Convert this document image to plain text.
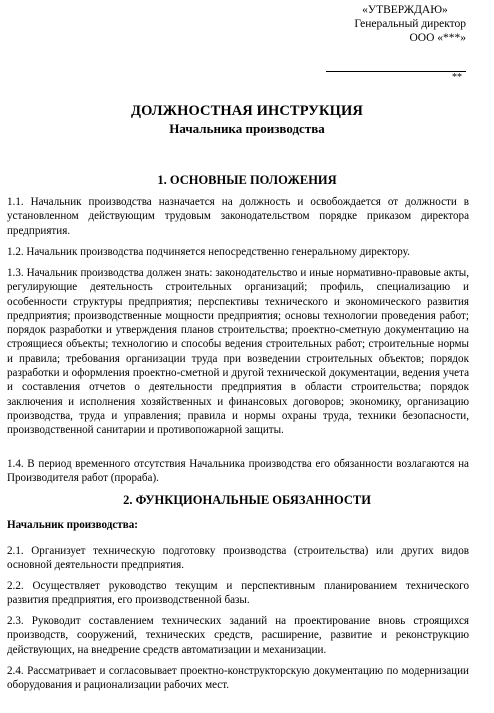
«УТВЕРЖДАЮ»
Генеральный директор
ООО «***»
**
ДОЛЖНОСТНАЯ ИНСТРУКЦИЯ
Начальника производства
1. ОСНОВНЫЕ ПОЛОЖЕНИЯ

1.1. Начальник производства назначается на должность и освобождается от должности в установленном действующим трудовым законодательством порядке приказом директора предприятия.

1.2. Начальник производства подчиняется непосредственно генеральному директору.

1.3. Начальник производства должен знать: законодательство и иные нормативно-правовые акты, регулирующие деятельность строительных организаций; профиль, специализацию и особенности структуры предприятия; перспективы технического и экономического развития предприятия; производственные мощности предприятия; основы технологии проведения работ; порядок разработки и утверждения планов строительства; проектно-сметную документацию на строящиеся объекты; технологию и способы ведения строительных работ; строительные нормы и правила; требования организации труда при возведении строительных объектов; порядок разработки и оформления проектно-сметной и другой технической документации, ведения учета и составления отчетов о деятельности предприятия в области строительства; порядок заключения и исполнения хозяйственных и финансовых договоров; экономику, организацию производства, труда и управления; правила и нормы охраны труда, техники безопасности, производственной санитарии и противопожарной защиты.

1.4. В период временного отсутствия Начальника производства его обязанности возлагаются на Производителя работ (прораба).

2. ФУНКЦИОНАЛЬНЫЕ ОБЯЗАННОСТИ

Начальник производства:

2.1. Организует техническую подготовку производства (строительства) или других видов основной деятельности предприятия.

2.2. Осуществляет руководство текущим и перспективным планированием технического развития предприятия, его производственной базы.

2.3. Руководит составлением технических заданий на проектирование вновь строящихся производств, сооружений, технических средств, расширение, развитие и реконструкцию действующих, на внедрение средств автоматизации и механизации.

2.4. Рассматривает и согласовывает проектно-конструкторскую документацию по модернизации оборудования и рационализации рабочих мест.
